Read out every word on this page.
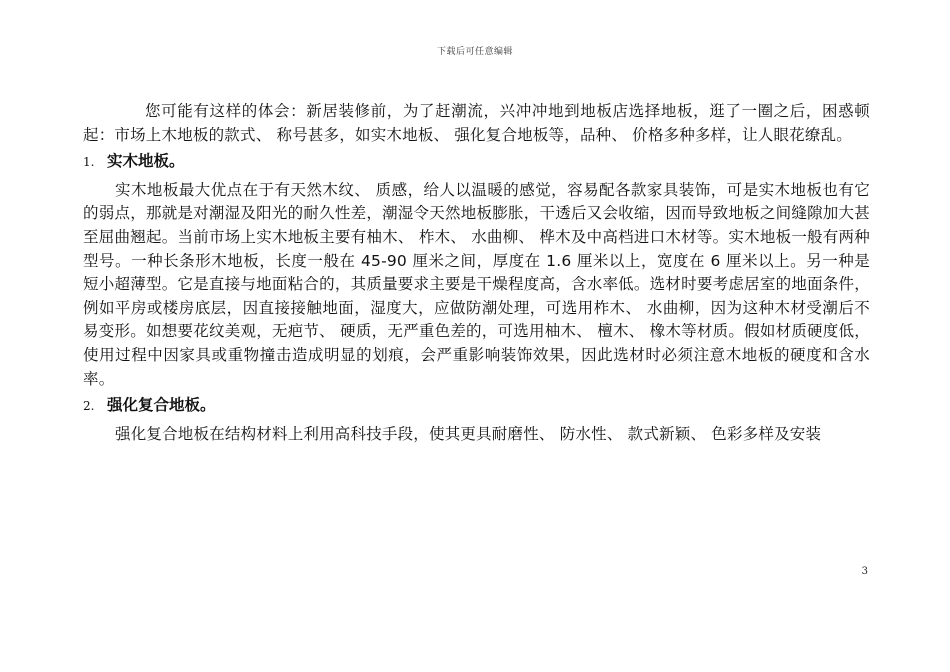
下载后可任意编辑

您可能有这样的体会：新居装修前，为了赶潮流，兴冲冲地到地板店选择地板，逛了一圈之后，困惑顿起：市场上木地板的款式、 称号甚多，如实木地板、 强化复合地板等，品种、 价格多种多样，让人眼花缭乱。

1. 实木地板。

实木地板最大优点在于有天然木纹、 质感，给人以温暖的感觉，容易配各款家具装饰，可是实木地板也有它的弱点，那就是对潮湿及阳光的耐久性差，潮湿令天然地板膨胀，干透后又会收缩，因而导致地板之间缝隙加大甚至屈曲翘起。当前市场上实木地板主要有柚木、 柞木、 水曲柳、 桦木及中高档进口木材等。实木地板一般有两种型号。一种长条形木地板，长度一般在 45-90 厘米之间，厚度在 1.6 厘米以上，宽度在 6 厘米以上。另一种是短小超薄型。它是直接与地面粘合的，其质量要求主要是干燥程度高，含水率低。选材时要考虑居室的地面条件，例如平房或楼房底层，因直接接触地面，湿度大，应做防潮处理，可选用柞木、 水曲柳，因为这种木材受潮后不易变形。如想要花纹美观，无疤节、 硬质，无严重色差的，可选用柚木、 檀木、 橡木等材质。假如材质硬度低，使用过程中因家具或重物撞击造成明显的划痕，会严重影响装饰效果，因此选材时必须注意木地板的硬度和含水率。

2. 强化复合地板。

强化复合地板在结构材料上利用高科技手段，使其更具耐磨性、 防水性、 款式新颖、 色彩多样及安装

3
